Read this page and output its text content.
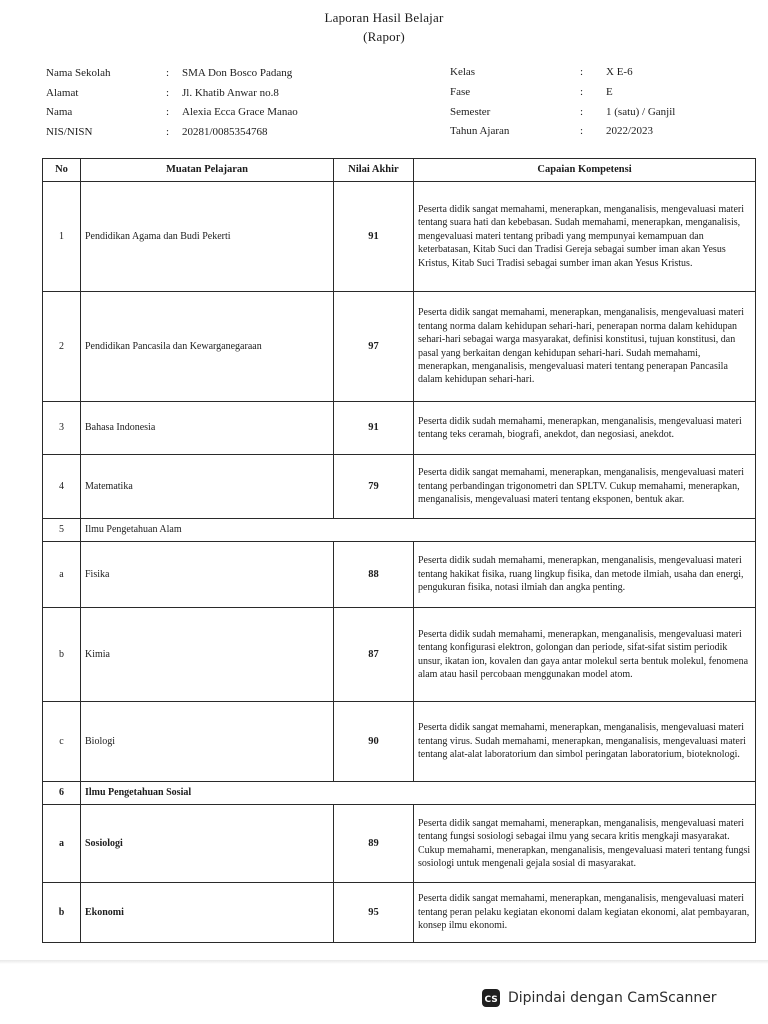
Laporan Hasil Belajar
(Rapor)
Nama Sekolah	: SMA Don Bosco Padang
Alamat	: Jl. Khatib Anwar no.8
Nama	: Alexia Ecca Grace Manao
NIS/NISN	: 20281/0085354768
Kelas	: X E-6
Fase	: E
Semester	: 1 (satu) / Ganjil
Tahun Ajaran	: 2022/2023
No	Muatan Pelajaran	Nilai Akhir	Capaian Kompetensi
1	Pendidikan Agama dan Budi Pekerti	91	Peserta didik sangat memahami, menerapkan, menganalisis, mengevaluasi materi tentang suara hati dan kebebasan. Sudah memahami, menerapkan, menganalisis, mengevaluasi materi tentang pribadi yang mempunyai kemampuan dan keterbatasan, Kitab Suci dan Tradisi Gereja sebagai sumber iman akan Yesus Kristus, Kitab Suci Tradisi sebagai sumber iman akan Yesus Kristus.
2	Pendidikan Pancasila dan Kewarganegaraan	97	Peserta didik sangat memahami, menerapkan, menganalisis, mengevaluasi materi tentang norma dalam kehidupan sehari-hari, penerapan norma dalam kehidupan sehari-hari sebagai warga masyarakat, definisi konstitusi, tujuan konstitusi, dan pasal yang berkaitan dengan kehidupan sehari-hari. Sudah memahami, menerapkan, menganalisis, mengevaluasi materi tentang penerapan Pancasila dalam kehidupan sehari-hari.
3	Bahasa Indonesia	91	Peserta didik sudah memahami, menerapkan, menganalisis, mengevaluasi materi tentang teks ceramah, biografi, anekdot, dan negosiasi, anekdot.
4	Matematika	79	Peserta didik sangat memahami, menerapkan, menganalisis, mengevaluasi materi tentang perbandingan trigonometri dan SPLTV. Cukup memahami, menerapkan, menganalisis, mengevaluasi materi tentang eksponen, bentuk akar.
5	Ilmu Pengetahuan Alam		
a	Fisika	88	Peserta didik sudah memahami, menerapkan, menganalisis, mengevaluasi materi tentang hakikat fisika, ruang lingkup fisika, dan metode ilmiah, usaha dan energi, pengukuran fisika, notasi ilmiah dan angka penting.
b	Kimia	87	Peserta didik sudah memahami, menerapkan, menganalisis, mengevaluasi materi tentang konfigurasi elektron, golongan dan periode, sifat-sifat sistim periodik unsur, ikatan ion, kovalen dan gaya antar molekul serta bentuk molekul, fenomena alam atau hasil percobaan menggunakan model atom.
c	Biologi	90	Peserta didik sangat memahami, menerapkan, menganalisis, mengevaluasi materi tentang virus. Sudah memahami, menerapkan, menganalisis, mengevaluasi materi tentang alat-alat laboratorium dan simbol peringatan laboratorium, bioteknologi.
6	Ilmu Pengetahuan Sosial		
a	Sosiologi	89	Peserta didik sangat memahami, menerapkan, menganalisis, mengevaluasi materi tentang fungsi sosiologi sebagai ilmu yang secara kritis mengkaji masyarakat. Cukup memahami, menerapkan, menganalisis, mengevaluasi materi tentang fungsi sosiologi untuk mengenali gejala sosial di masyarakat.
b	Ekonomi	95	Peserta didik sangat memahami, menerapkan, menganalisis, mengevaluasi materi tentang peran pelaku kegiatan ekonomi dalam kegiatan ekonomi, alat pembayaran, konsep ilmu ekonomi.
CS Dipindai dengan CamScanner
